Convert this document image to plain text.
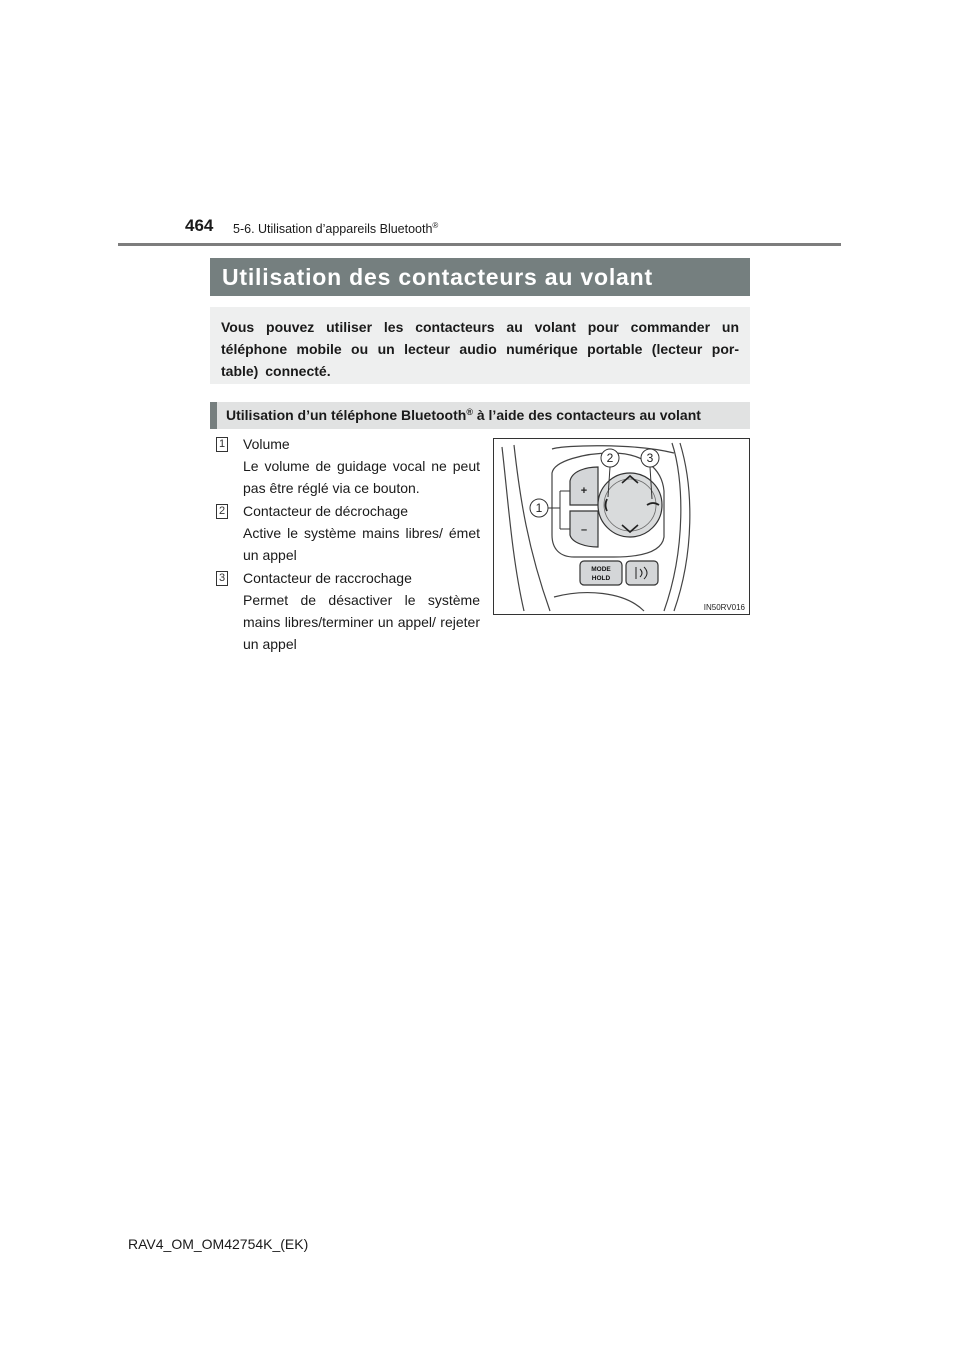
464 5-6. Utilisation d’appareils Bluetooth®
Utilisation des contacteurs au volant
Vous pouvez utiliser les contacteurs au volant pour commander un téléphone mobile ou un lecteur audio numérique portable (lecteur por-table) connecté.
Utilisation d’un téléphone Bluetooth® à l’aide des contacteurs au volant
1 Volume
Le volume de guidage vocal ne peut pas être réglé via ce bouton.
2 Contacteur de décrochage
Active le système mains libres/ émet un appel
3 Contacteur de raccrochage
Permet de désactiver le système mains libres/terminer un appel/ rejeter un appel
+
–
MODE
HOLD
1
2	3
IN50RV016
RAV4_OM_OM42754K_(EK)
